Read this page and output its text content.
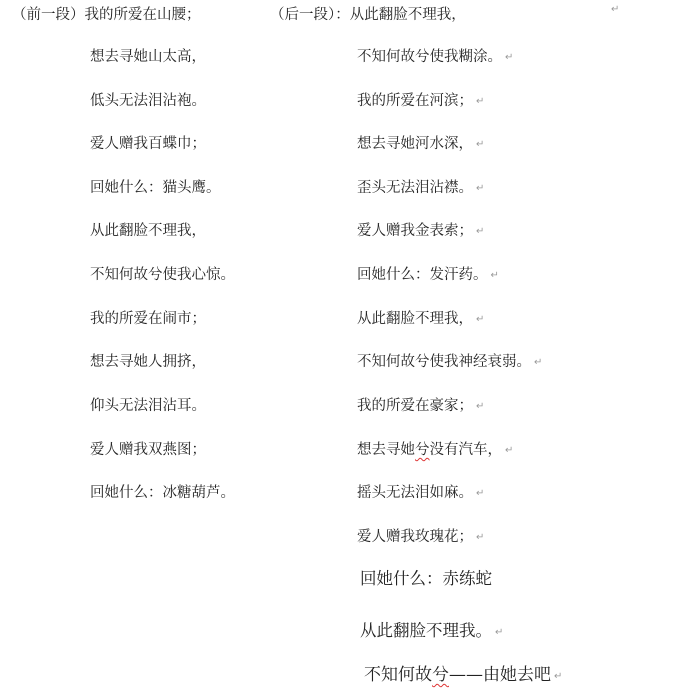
（前一段）我的所爱在山腰；	（后一段）：从此翻脸不理我，	↵
想去寻她山太高，
低头无法泪沾袍。
爱人赠我百蝶巾；
回她什么：猫头鹰。
从此翻脸不理我，
不知何故兮使我心惊。
我的所爱在闹市；
想去寻她人拥挤，
仰头无法泪沾耳。
爱人赠我双燕图；
回她什么：冰糖葫芦。
不知何故兮使我糊涂。 ↵
我的所爱在河滨； ↵
想去寻她河水深， ↵
歪头无法泪沾襟。 ↵
爱人赠我金表索； ↵
回她什么：发汗药。 ↵
从此翻脸不理我， ↵
不知何故兮使我神经衰弱。 ↵
我的所爱在豪家； ↵
想去寻她兮没有汽车， ↵
摇头无法泪如麻。 ↵
爱人赠我玫瑰花； ↵
回她什么：赤练蛇
从此翻脸不理我。 ↵
不知何故兮——由她去吧 ↵
